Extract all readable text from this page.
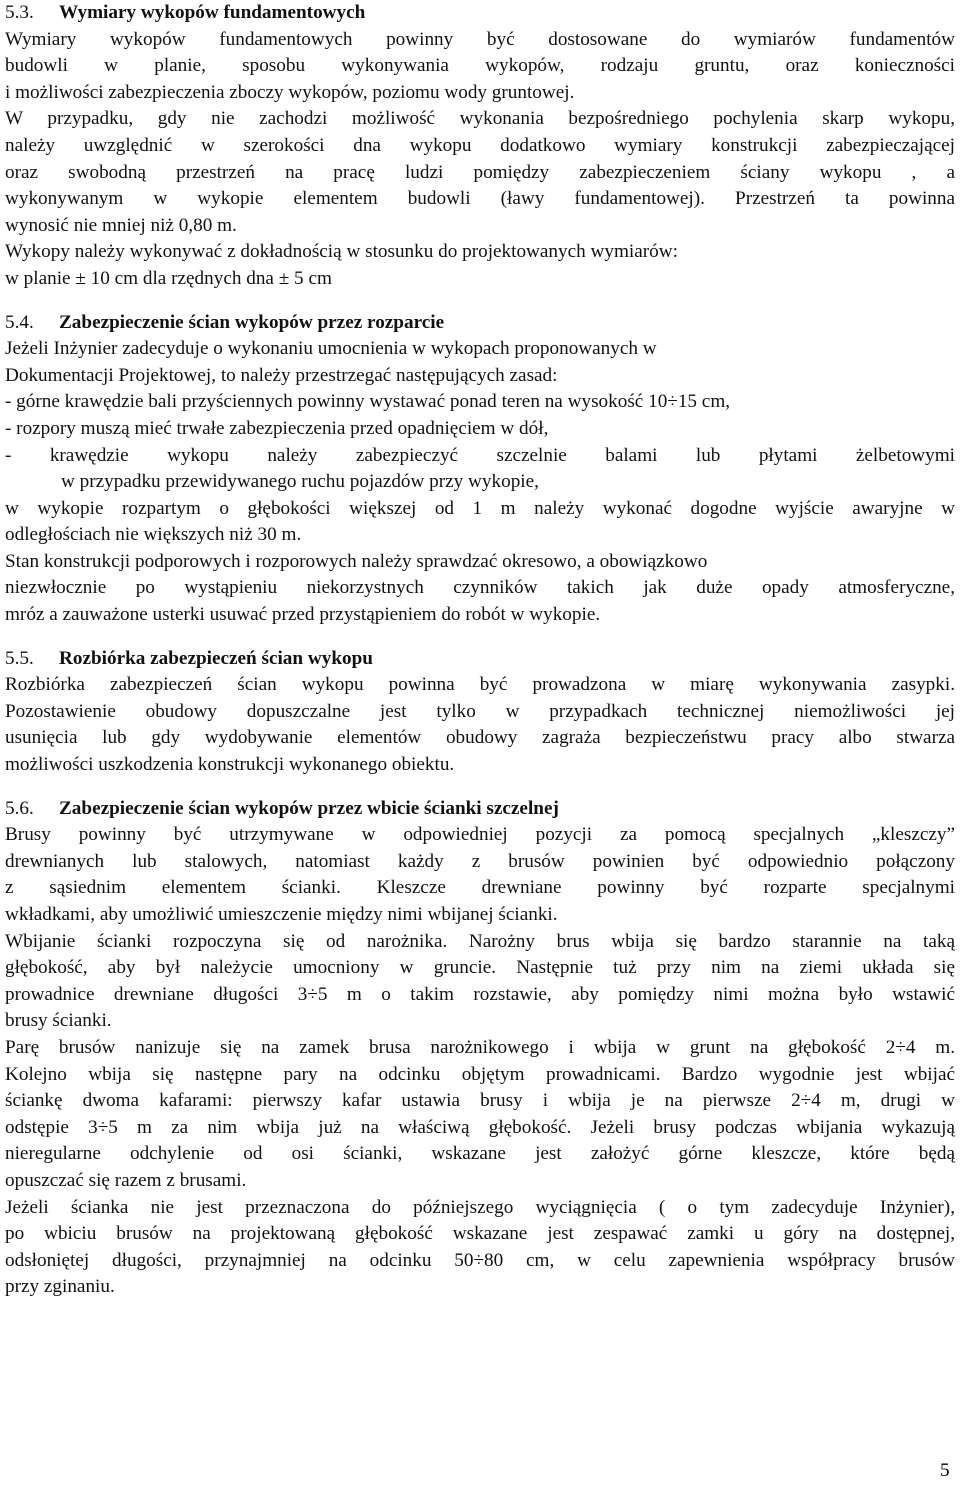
5.3. Wymiary wykopów fundamentowych

Wymiary wykopów fundamentowych powinny być dostosowane do wymiarów fundamentów

budowli w planie, sposobu wykonywania wykopów, rodzaju gruntu, oraz konieczności

i możliwości zabezpieczenia zboczy wykopów, poziomu wody gruntowej.

W przypadku, gdy nie zachodzi możliwość wykonania bezpośredniego pochylenia skarp wykopu,

należy uwzględnić w szerokości dna wykopu dodatkowo wymiary konstrukcji zabezpieczającej

oraz swobodną przestrzeń na pracę ludzi pomiędzy zabezpieczeniem ściany wykopu , a

wykonywanym w wykopie elementem budowli (ławy fundamentowej). Przestrzeń ta powinna

wynosić nie mniej niż 0,80 m.

Wykopy należy wykonywać z dokładnością w stosunku do projektowanych wymiarów:

w planie ± 10 cm dla rzędnych dna ± 5 cm

5.4. Zabezpieczenie ścian wykopów przez rozparcie

Jeżeli Inżynier zadecyduje o wykonaniu umocnienia w wykopach proponowanych w

Dokumentacji Projektowej, to należy przestrzegać następujących zasad:

- górne krawędzie bali przyściennych powinny wystawać ponad teren na wysokość 10÷15 cm,

- rozpory muszą mieć trwałe zabezpieczenia przed opadnięciem w dół,

- krawędzie wykopu należy zabezpieczyć szczelnie balami lub płytami żelbetowymi

w przypadku przewidywanego ruchu pojazdów przy wykopie,

w wykopie rozpartym o głębokości większej od 1 m należy wykonać dogodne wyjście awaryjne w

odległościach nie większych niż 30 m.

Stan konstrukcji podporowych i rozporowych należy sprawdzać okresowo, a obowiązkowo

niezwłocznie po wystąpieniu niekorzystnych czynników takich jak duże opady atmosferyczne,

mróz a zauważone usterki usuwać przed przystąpieniem do robót w wykopie.

5.5. Rozbiórka zabezpieczeń ścian wykopu

Rozbiórka zabezpieczeń ścian wykopu powinna być prowadzona w miarę wykonywania zasypki.

Pozostawienie obudowy dopuszczalne jest tylko w przypadkach technicznej niemożliwości jej

usunięcia lub gdy wydobywanie elementów obudowy zagraża bezpieczeństwu pracy albo stwarza

możliwości uszkodzenia konstrukcji wykonanego obiektu.

5.6. Zabezpieczenie ścian wykopów przez wbicie ścianki szczelnej

Brusy powinny być utrzymywane w odpowiedniej pozycji za pomocą specjalnych „kleszczy”

drewnianych lub stalowych, natomiast każdy z brusów powinien być odpowiednio połączony

z sąsiednim elementem ścianki. Kleszcze drewniane powinny być rozparte specjalnymi

wkładkami, aby umożliwić umieszczenie między nimi wbijanej ścianki.

Wbijanie ścianki rozpoczyna się od narożnika. Narożny brus wbija się bardzo starannie na taką

głębokość, aby był należycie umocniony w gruncie. Następnie tuż przy nim na ziemi układa się

prowadnice drewniane długości 3÷5 m o takim rozstawie, aby pomiędzy nimi można było wstawić

brusy ścianki.

Parę brusów nanizuje się na zamek brusa narożnikowego i wbija w grunt na głębokość 2÷4 m.

Kolejno wbija się następne pary na odcinku objętym prowadnicami. Bardzo wygodnie jest wbijać

ściankę dwoma kafarami: pierwszy kafar ustawia brusy i wbija je na pierwsze 2÷4 m, drugi w

odstępie 3÷5 m za nim wbija już na właściwą głębokość. Jeżeli brusy podczas wbijania wykazują

nieregularne odchylenie od osi ścianki, wskazane jest założyć górne kleszcze, które będą

opuszczać się razem z brusami.

Jeżeli ścianka nie jest przeznaczona do późniejszego wyciągnięcia ( o tym zadecyduje Inżynier),

po wbiciu brusów na projektowaną głębokość wskazane jest zespawać zamki u góry na dostępnej,

odsłoniętej długości, przynajmniej na odcinku 50÷80 cm, w celu zapewnienia współpracy brusów

przy zginaniu.

5
